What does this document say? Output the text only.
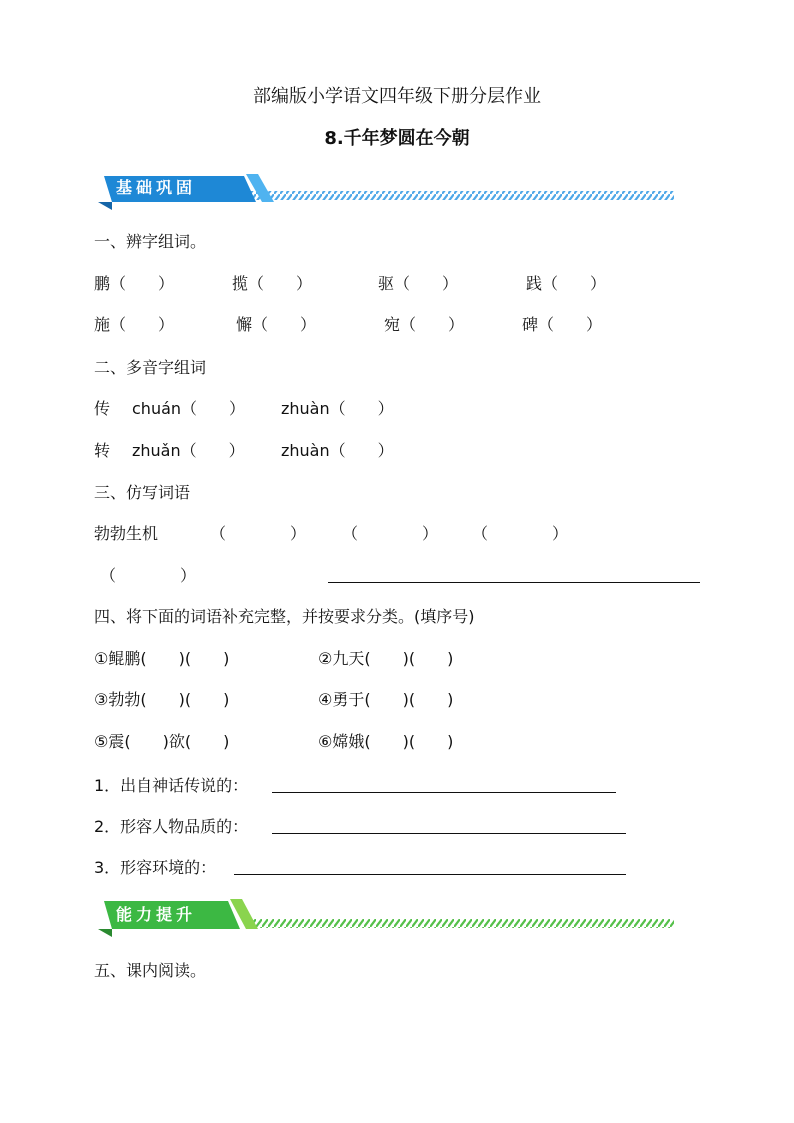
部编版小学语文四年级下册分层作业
8.千年梦圆在今朝
基础巩固
一、辨字组词。
鹏（　　）	揽（　　）	驱（　　）	践（　　）
施（　　）	懈（　　）	宛（　　）	碑（　　）
二、多音字组词
传 chuán（　　） zhuàn（　　）
转 zhuǎn（　　） zhuàn（　　）
三、仿写词语
勃勃生机	（　　　　） （　　　　） （　　　　）
（　　　　）
四、将下面的词语补充完整，并按要求分类。(填序号)
①鲲鹏(　　)(　　)	②九天(　　)(　　)
③勃勃(　　)(　　)	④勇于(　　)(　　)
⑤震(　　)欲(　　)	⑥嫦娥(　　)(　　)
1．出自神话传说的：
2．形容人物品质的：
3．形容环境的：
能力提升
五、课内阅读。
